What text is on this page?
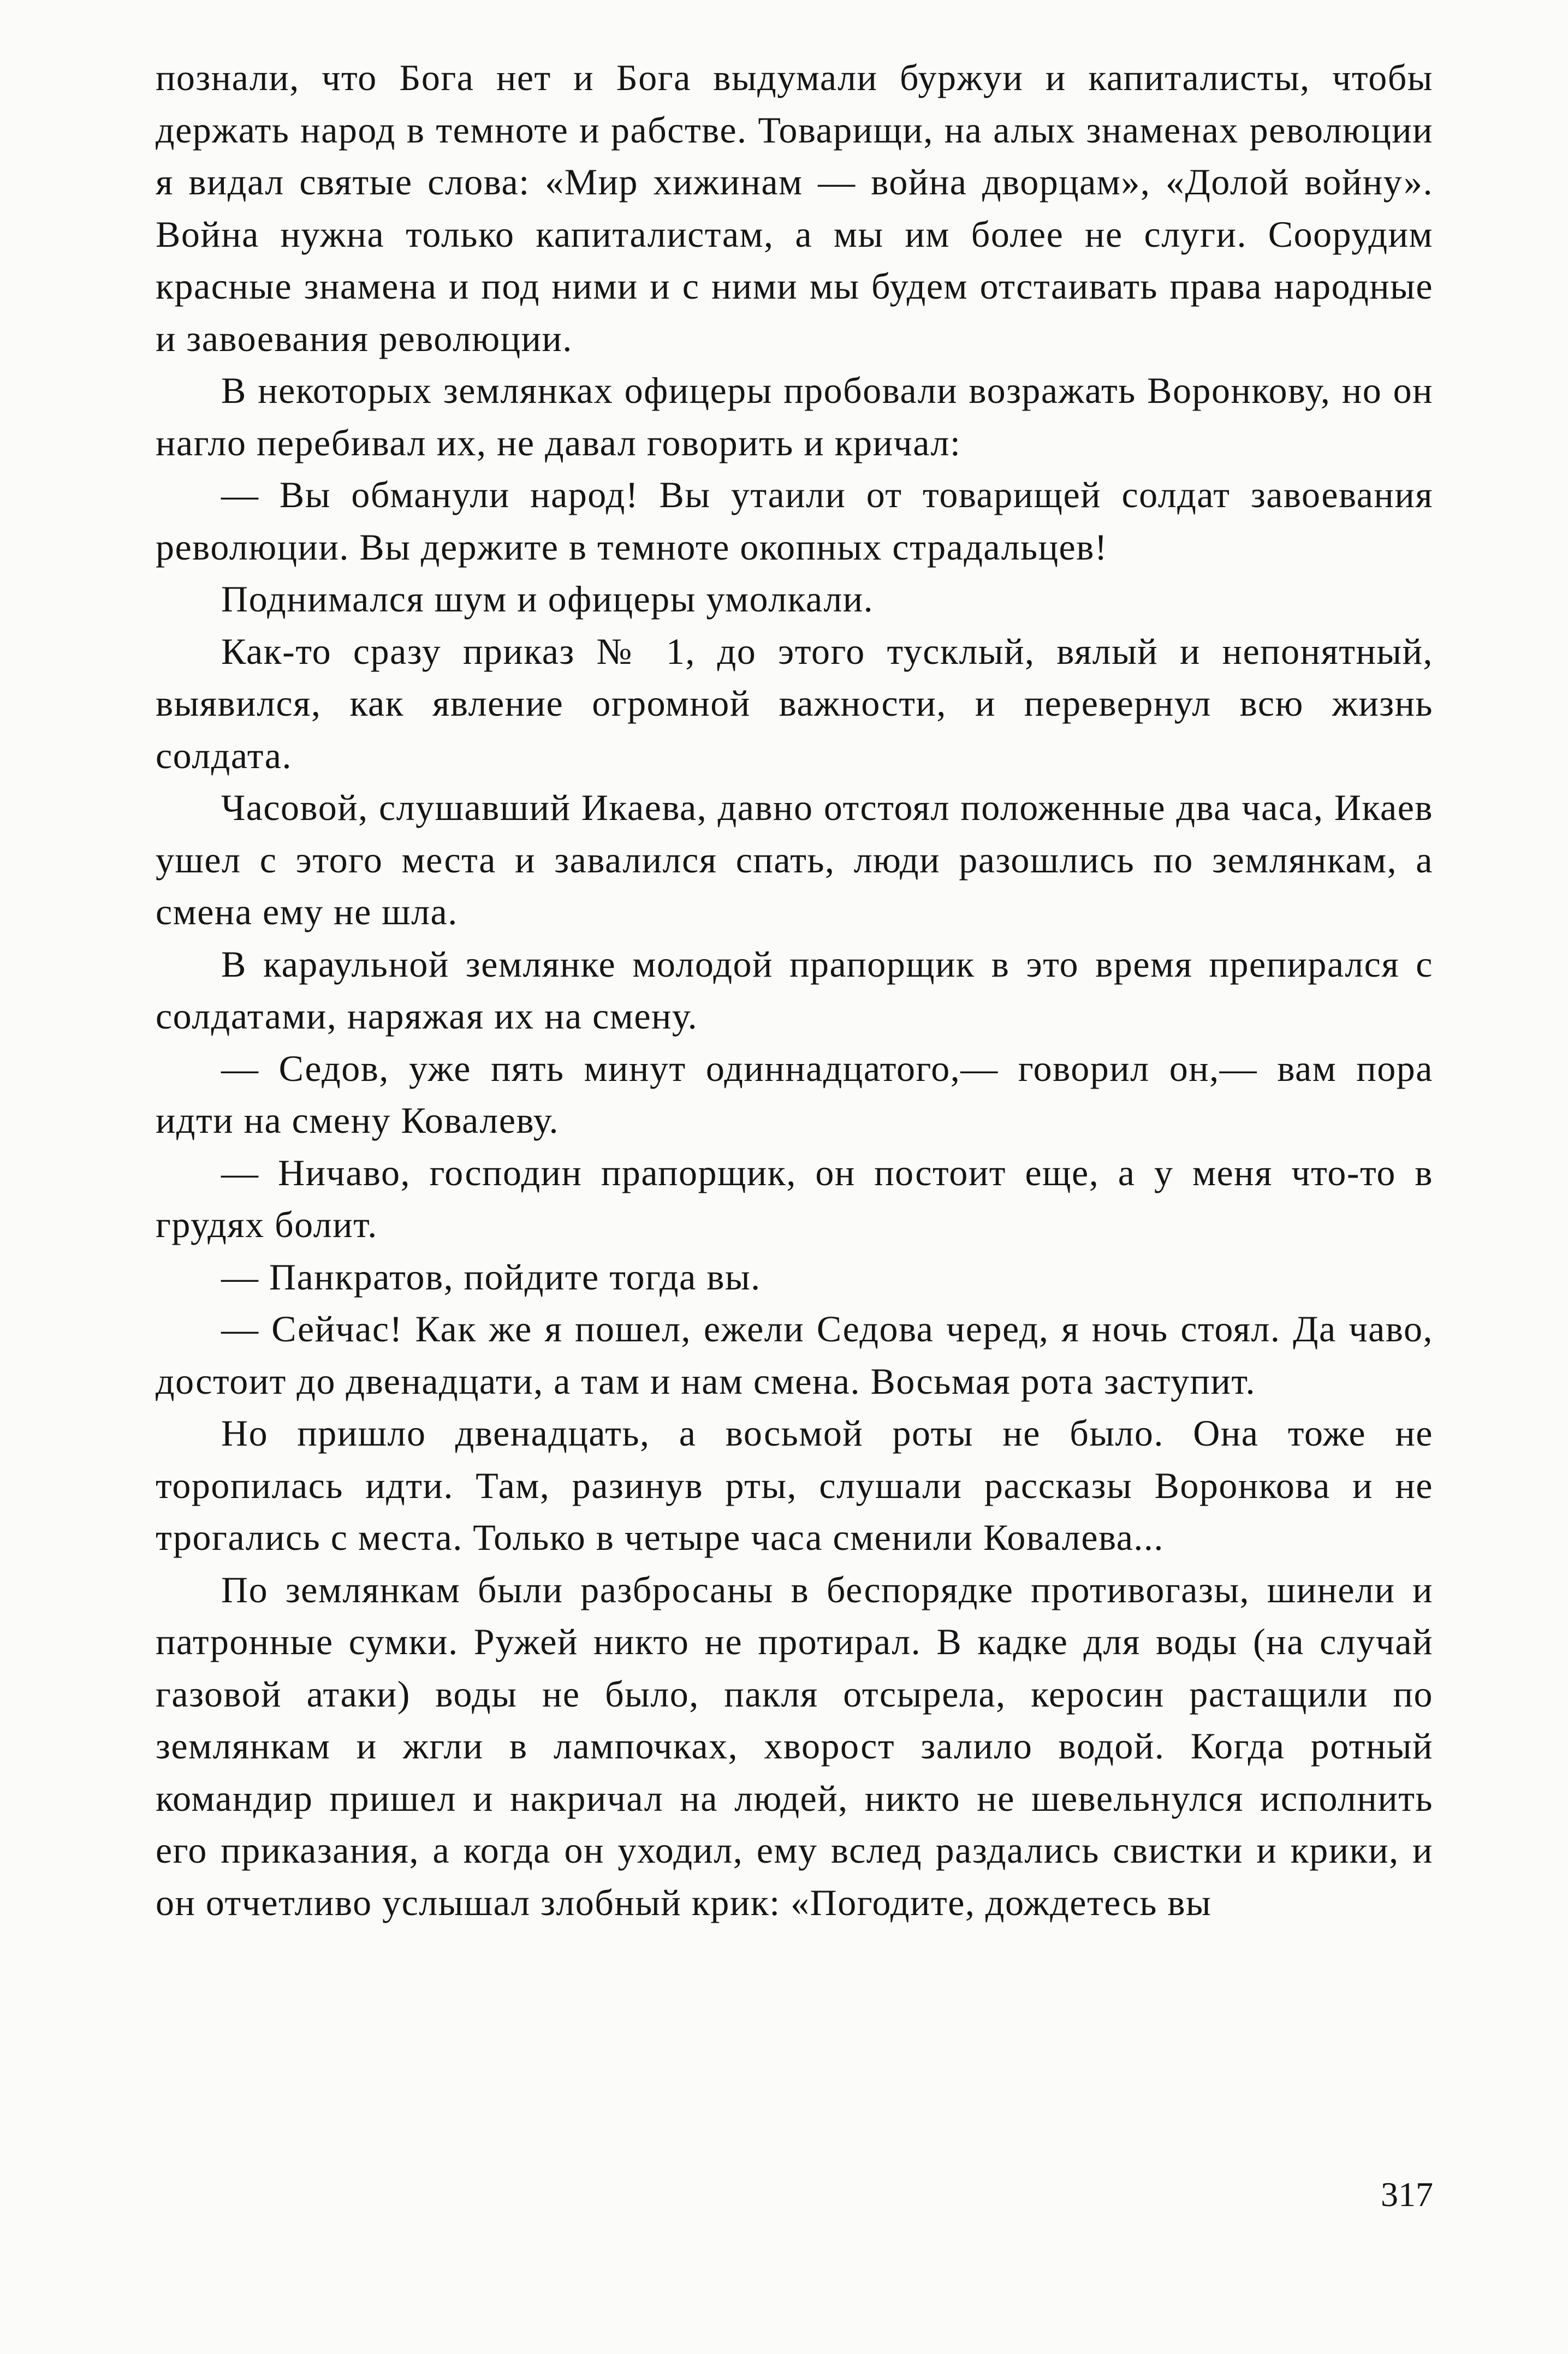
познали, что Бога нет и Бога выдумали буржуи и капиталисты, чтобы держать народ в темноте и рабстве. Товарищи, на алых знаменах революции я видал святые слова: «Мир хижинам — война дворцам», «Долой войну». Война нужна только капиталистам, а мы им более не слуги. Соорудим красные знамена и под ними и с ними мы будем отстаивать права народные и завоевания революции.

В некоторых землянках офицеры пробовали возражать Воронкову, но он нагло перебивал их, не давал говорить и кричал:

— Вы обманули народ! Вы утаили от товарищей солдат завоевания революции. Вы держите в темноте окопных страдальцев!

Поднимался шум и офицеры умолкали.

Как-то сразу приказ № 1, до этого тусклый, вялый и непонятный, выявился, как явление огромной важности, и перевернул всю жизнь солдата.

Часовой, слушавший Икаева, давно отстоял положенные два часа, Икаев ушел с этого места и завалился спать, люди разошлись по землянкам, а смена ему не шла.

В караульной землянке молодой прапорщик в это время препирался с солдатами, наряжая их на смену.

— Седов, уже пять минут одиннадцатого,— говорил он,— вам пора идти на смену Ковалеву.

— Ничаво, господин прапорщик, он постоит еще, а у меня что-то в грудях болит.

— Панкратов, пойдите тогда вы.

— Сейчас! Как же я пошел, ежели Седова черед, я ночь стоял. Да чаво, достоит до двенадцати, а там и нам смена. Восьмая рота заступит.

Но пришло двенадцать, а восьмой роты не было. Она тоже не торопилась идти. Там, разинув рты, слушали рассказы Воронкова и не трогались с места. Только в четыре часа сменили Ковалева...

По землянкам были разбросаны в беспорядке противогазы, шинели и патронные сумки. Ружей никто не протирал. В кадке для воды (на случай газовой атаки) воды не было, пакля отсырела, керосин растащили по землянкам и жгли в лампочках, хворост залило водой. Когда ротный командир пришел и накричал на людей, никто не шевельнулся исполнить его приказания, а когда он уходил, ему вслед раздались свистки и крики, и он отчетливо услышал злобный крик: «Погодите, дождетесь вы

317
